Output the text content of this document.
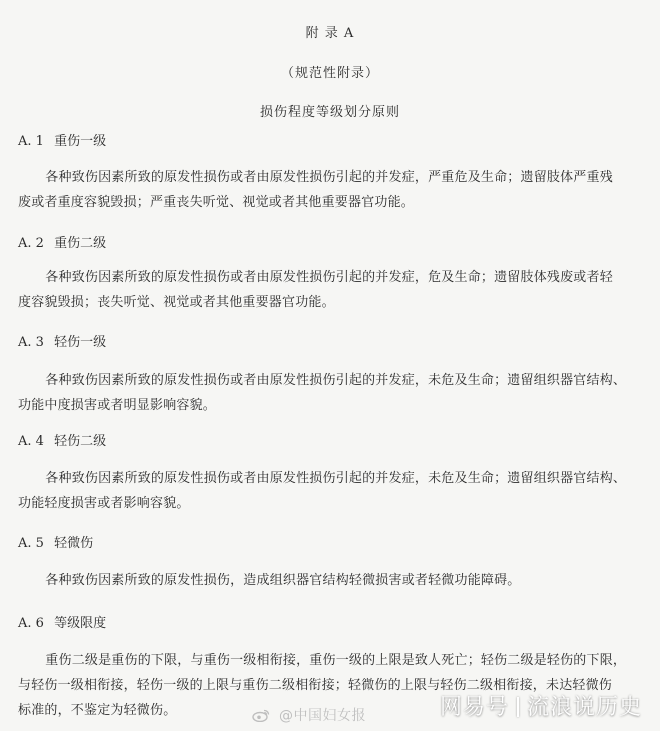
附 录 A
（规范性附录）
损伤程度等级划分原则
A. 1 重伤一级
各种致伤因素所致的原发性损伤或者由原发性损伤引起的并发症，严重危及生命；遗留肢体严重残
废或者重度容貌毁损；严重丧失听觉、视觉或者其他重要器官功能。
A. 2 重伤二级
各种致伤因素所致的原发性损伤或者由原发性损伤引起的并发症，危及生命；遗留肢体残废或者轻
度容貌毁损；丧失听觉、视觉或者其他重要器官功能。
A. 3 轻伤一级
各种致伤因素所致的原发性损伤或者由原发性损伤引起的并发症，未危及生命；遗留组织器官结构、
功能中度损害或者明显影响容貌。
A. 4 轻伤二级
各种致伤因素所致的原发性损伤或者由原发性损伤引起的并发症，未危及生命；遗留组织器官结构、
功能轻度损害或者影响容貌。
A. 5 轻微伤
各种致伤因素所致的原发性损伤，造成组织器官结构轻微损害或者轻微功能障碍。
A. 6 等级限度
重伤二级是重伤的下限，与重伤一级相衔接，重伤一级的上限是致人死亡；轻伤二级是轻伤的下限，
与轻伤一级相衔接，轻伤一级的上限与重伤二级相衔接；轻微伤的上限与轻伤二级相衔接，未达轻微伤
标准的，不鉴定为轻微伤。	@中国妇女报	网易号 流浪说历史
